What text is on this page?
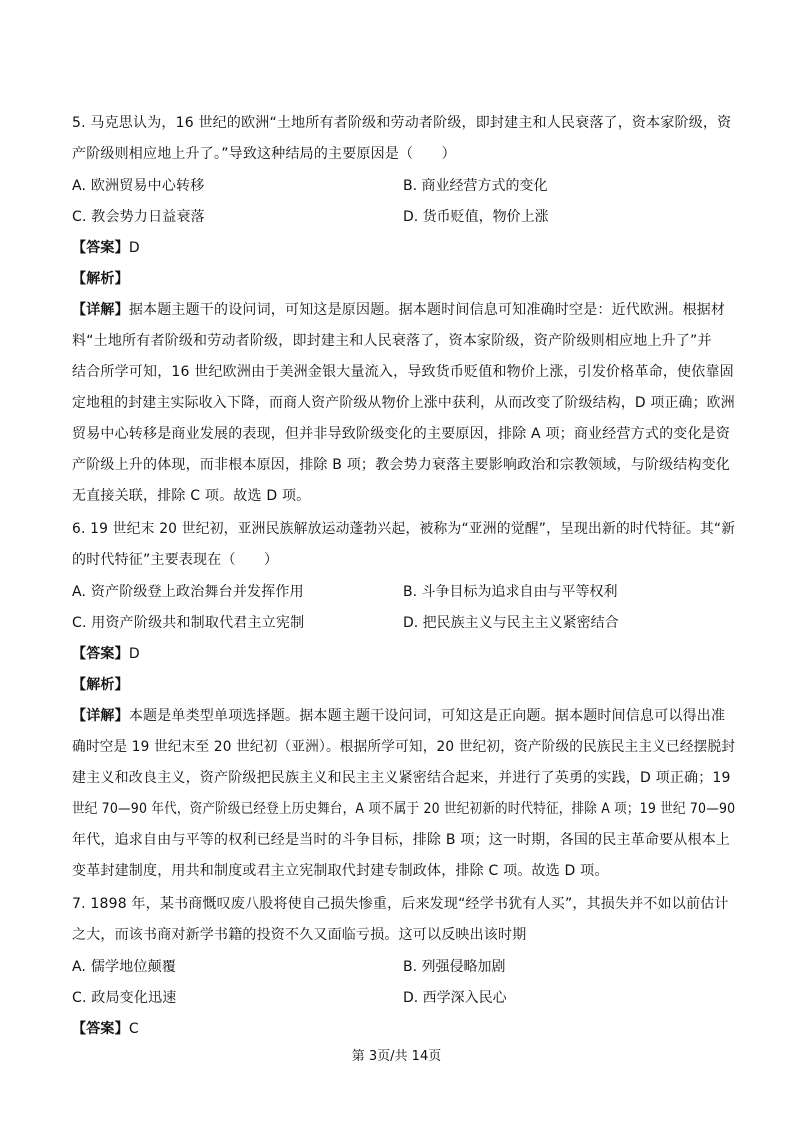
5. 马克思认为，16 世纪的欧洲“土地所有者阶级和劳动者阶级，即封建主和人民衰落了，资本家阶级，资
产阶级则相应地上升了。”导致这种结局的主要原因是（　　）
A. 欧洲贸易中心转移	B. 商业经营方式的变化
C. 教会势力日益衰落	D. 货币贬值，物价上涨
【答案】D
【解析】
【详解】据本题主题干的设问词，可知这是原因题。据本题时间信息可知准确时空是：近代欧洲。根据材
料“土地所有者阶级和劳动者阶级，即封建主和人民衰落了，资本家阶级，资产阶级则相应地上升了”并
结合所学可知，16 世纪欧洲由于美洲金银大量流入，导致货币贬值和物价上涨，引发价格革命，使依靠固
定地租的封建主实际收入下降，而商人资产阶级从物价上涨中获利，从而改变了阶级结构，D 项正确；欧洲
贸易中心转移是商业发展的表现，但并非导致阶级变化的主要原因，排除 A 项；商业经营方式的变化是资
产阶级上升的体现，而非根本原因，排除 B 项；教会势力衰落主要影响政治和宗教领域，与阶级结构变化
无直接关联，排除 C 项。故选 D 项。
6. 19 世纪末 20 世纪初，亚洲民族解放运动蓬勃兴起，被称为“亚洲的觉醒”，呈现出新的时代特征。其“新
的时代特征”主要表现在（　　）
A. 资产阶级登上政治舞台并发挥作用	B. 斗争目标为追求自由与平等权利
C. 用资产阶级共和制取代君主立宪制	D. 把民族主义与民主主义紧密结合
【答案】D
【解析】
【详解】本题是单类型单项选择题。据本题主题干设问词，可知这是正向题。据本题时间信息可以得出准
确时空是 19 世纪末至 20 世纪初（亚洲）。根据所学可知，20 世纪初，资产阶级的民族民主主义已经摆脱封
建主义和改良主义，资产阶级把民族主义和民主主义紧密结合起来，并进行了英勇的实践，D 项正确；19
世纪 70—90 年代，资产阶级已经登上历史舞台，A 项不属于 20 世纪初新的时代特征，排除 A 项；19 世纪 70—90
年代，追求自由与平等的权利已经是当时的斗争目标，排除 B 项；这一时期，各国的民主革命要从根本上
变革封建制度，用共和制度或君主立宪制取代封建专制政体，排除 C 项。故选 D 项。
7. 1898 年，某书商慨叹废八股将使自己损失惨重，后来发现“经学书犹有人买”，其损失并不如以前估计
之大，而该书商对新学书籍的投资不久又面临亏损。这可以反映出该时期
A. 儒学地位颠覆	B. 列强侵略加剧
C. 政局变化迅速	D. 西学深入民心
【答案】C
第 3页/共 14页
